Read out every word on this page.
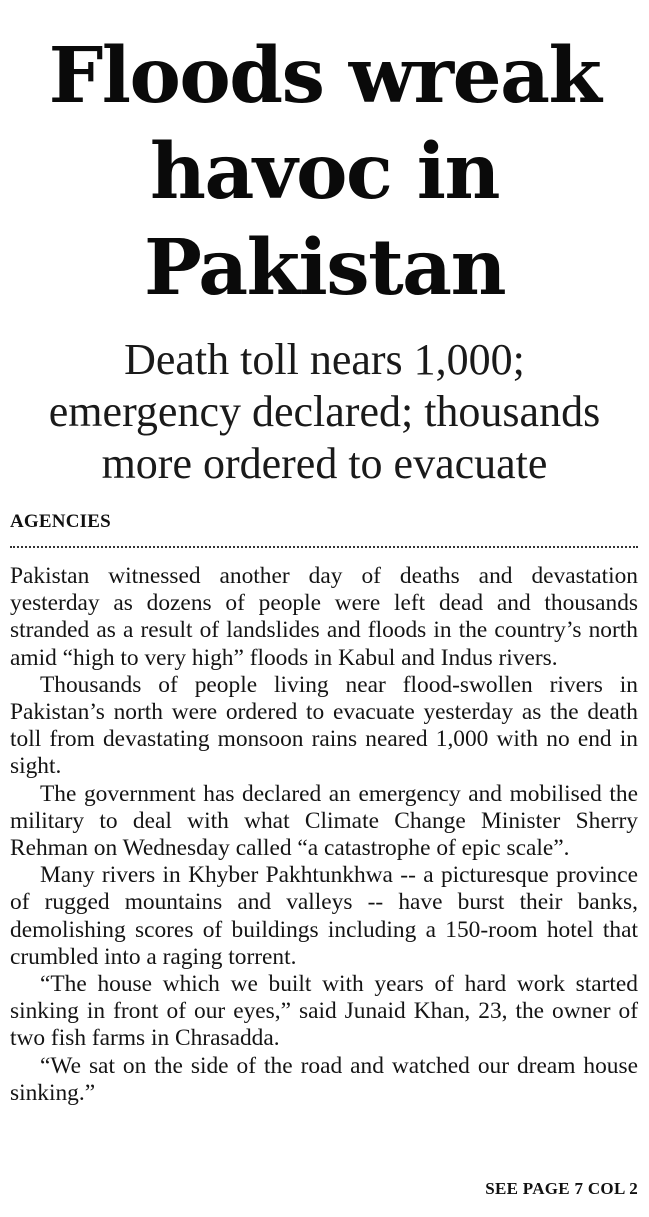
Floods wreak
havoc in
Pakistan
Death toll nears 1,000;
emergency declared; thousands
more ordered to evacuate
AGENCIES

Pakistan witnessed another day of deaths and devastation yesterday as dozens of people were left dead and thousands stranded as a result of landslides and floods in the country’s north amid “high to very high” floods in Kabul and Indus rivers.

Thousands of people living near flood-swollen rivers in Pakistan’s north were ordered to evacuate yesterday as the death toll from devastating monsoon rains neared 1,000 with no end in sight.

The government has declared an emergency and mobilised the military to deal with what Climate Change Minister Sherry Rehman on Wednesday called “a catastrophe of epic scale”.

Many rivers in Khyber Pakhtunkhwa -- a picturesque province of rugged mountains and valleys -- have burst their banks, demolishing scores of buildings including a 150-room hotel that crumbled into a raging torrent.

“The house which we built with years of hard work started sinking in front of our eyes,” said Junaid Khan, 23, the owner of two fish farms in Chrasadda.

“We sat on the side of the road and watched our dream house sinking.”

SEE PAGE 7 COL 2
